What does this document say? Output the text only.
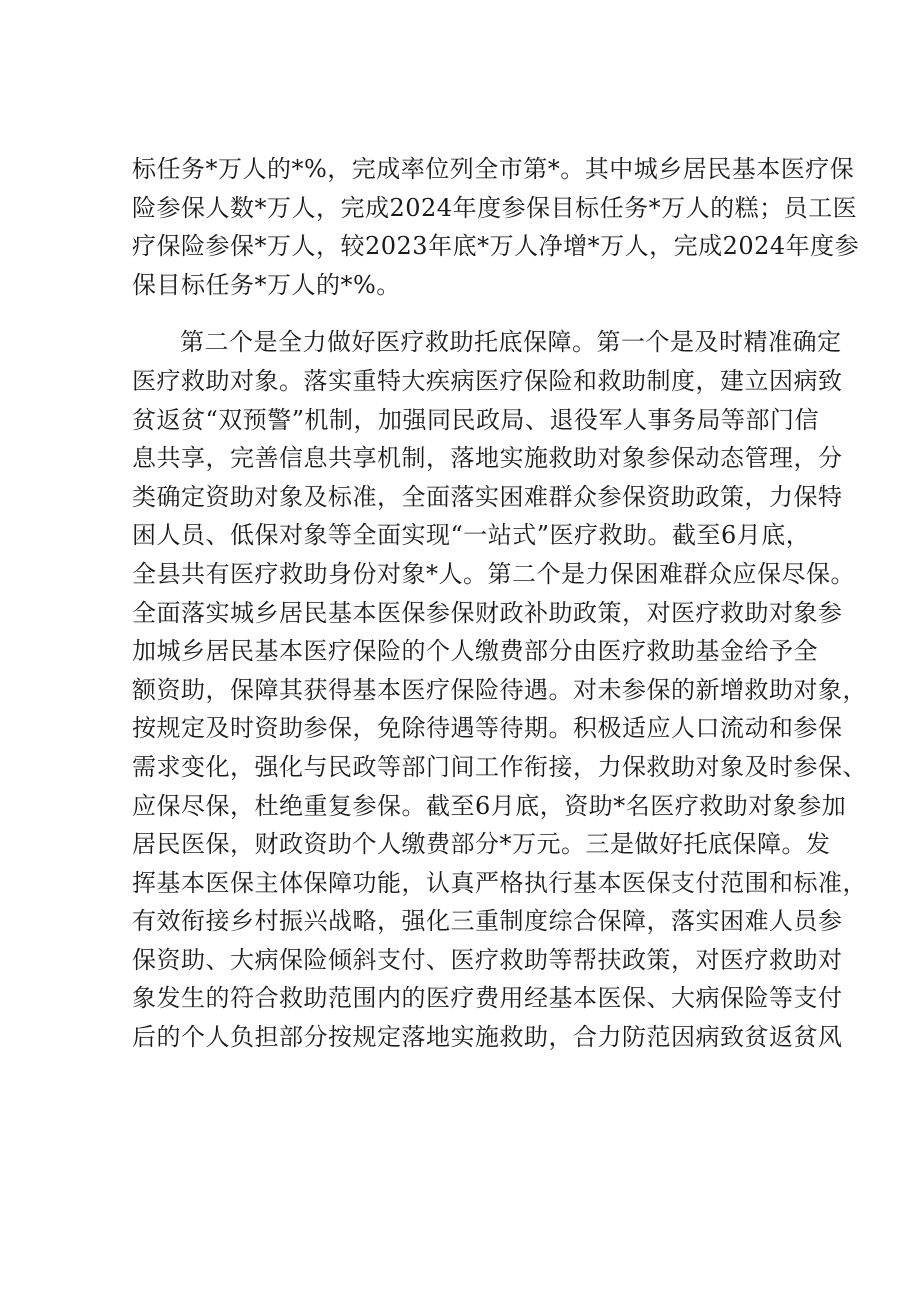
标任务*万人的*%，完成率位列全市第*。其中城乡居民基本医疗保
险参保人数*万人，完成2024年度参保目标任务*万人的糕；员工医
疗保险参保*万人，较2023年底*万人净增*万人，完成2024年度参
保目标任务*万人的*%。
第二个是全力做好医疗救助托底保障。第一个是及时精准确定
医疗救助对象。落实重特大疾病医疗保险和救助制度，建立因病致
贫返贫“双预警”机制，加强同民政局、退役军人事务局等部门信
息共享，完善信息共享机制，落地实施救助对象参保动态管理，分
类确定资助对象及标准，全面落实困难群众参保资助政策，力保特
困人员、低保对象等全面实现“一站式”医疗救助。截至6月底，
全县共有医疗救助身份对象*人。第二个是力保困难群众应保尽保。
全面落实城乡居民基本医保参保财政补助政策，对医疗救助对象参
加城乡居民基本医疗保险的个人缴费部分由医疗救助基金给予全
额资助，保障其获得基本医疗保险待遇。对未参保的新增救助对象，
按规定及时资助参保，免除待遇等待期。积极适应人口流动和参保
需求变化，强化与民政等部门间工作衔接，力保救助对象及时参保、
应保尽保，杜绝重复参保。截至6月底，资助*名医疗救助对象参加
居民医保，财政资助个人缴费部分*万元。三是做好托底保障。发
挥基本医保主体保障功能，认真严格执行基本医保支付范围和标准，
有效衔接乡村振兴战略，强化三重制度综合保障，落实困难人员参
保资助、大病保险倾斜支付、医疗救助等帮扶政策，对医疗救助对
象发生的符合救助范围内的医疗费用经基本医保、大病保险等支付
后的个人负担部分按规定落地实施救助，合力防范因病致贫返贫风
